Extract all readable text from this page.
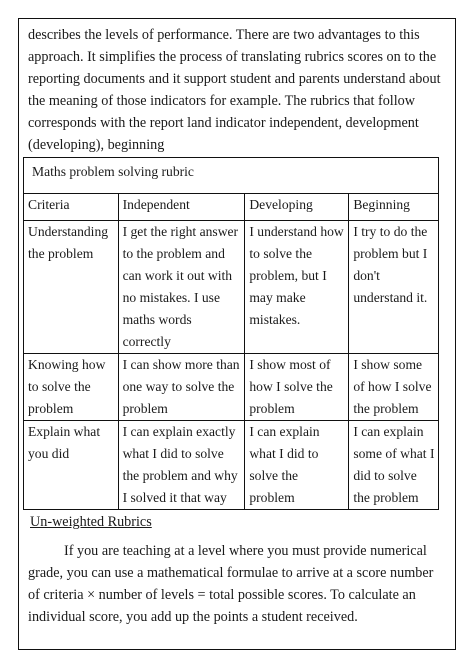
describes the levels of performance. There are two advantages to this approach. It simplifies the process of translating rubrics scores on to the reporting documents and it support student and parents understand about the meaning of those indicators for example. The rubrics that follow corresponds with the report land indicator independent, development (developing), beginning

Maths problem solving rubric			
Criteria	Independent	Developing	Beginning
Understanding the problem	I get the right answer to the problem and can work it out with no mistakes. I use maths words correctly	I understand how to solve the problem, but I may make mistakes.	I try to do the problem but I don't understand it.
Knowing how to solve the problem	I can show more than one way to solve the problem	I show most of how I solve the problem	I show some of how I solve the problem
Explain what you did	I can explain exactly what I did to solve the problem and why I solved it that way	I can explain what I did to solve the problem	I can explain some of what I did to solve the problem

Un-weighted Rubrics

If you are teaching at a level where you must provide numerical grade, you can use a mathematical formulae to arrive at a score number of criteria × number of levels = total possible scores. To calculate an individual score, you add up the points a student received.
